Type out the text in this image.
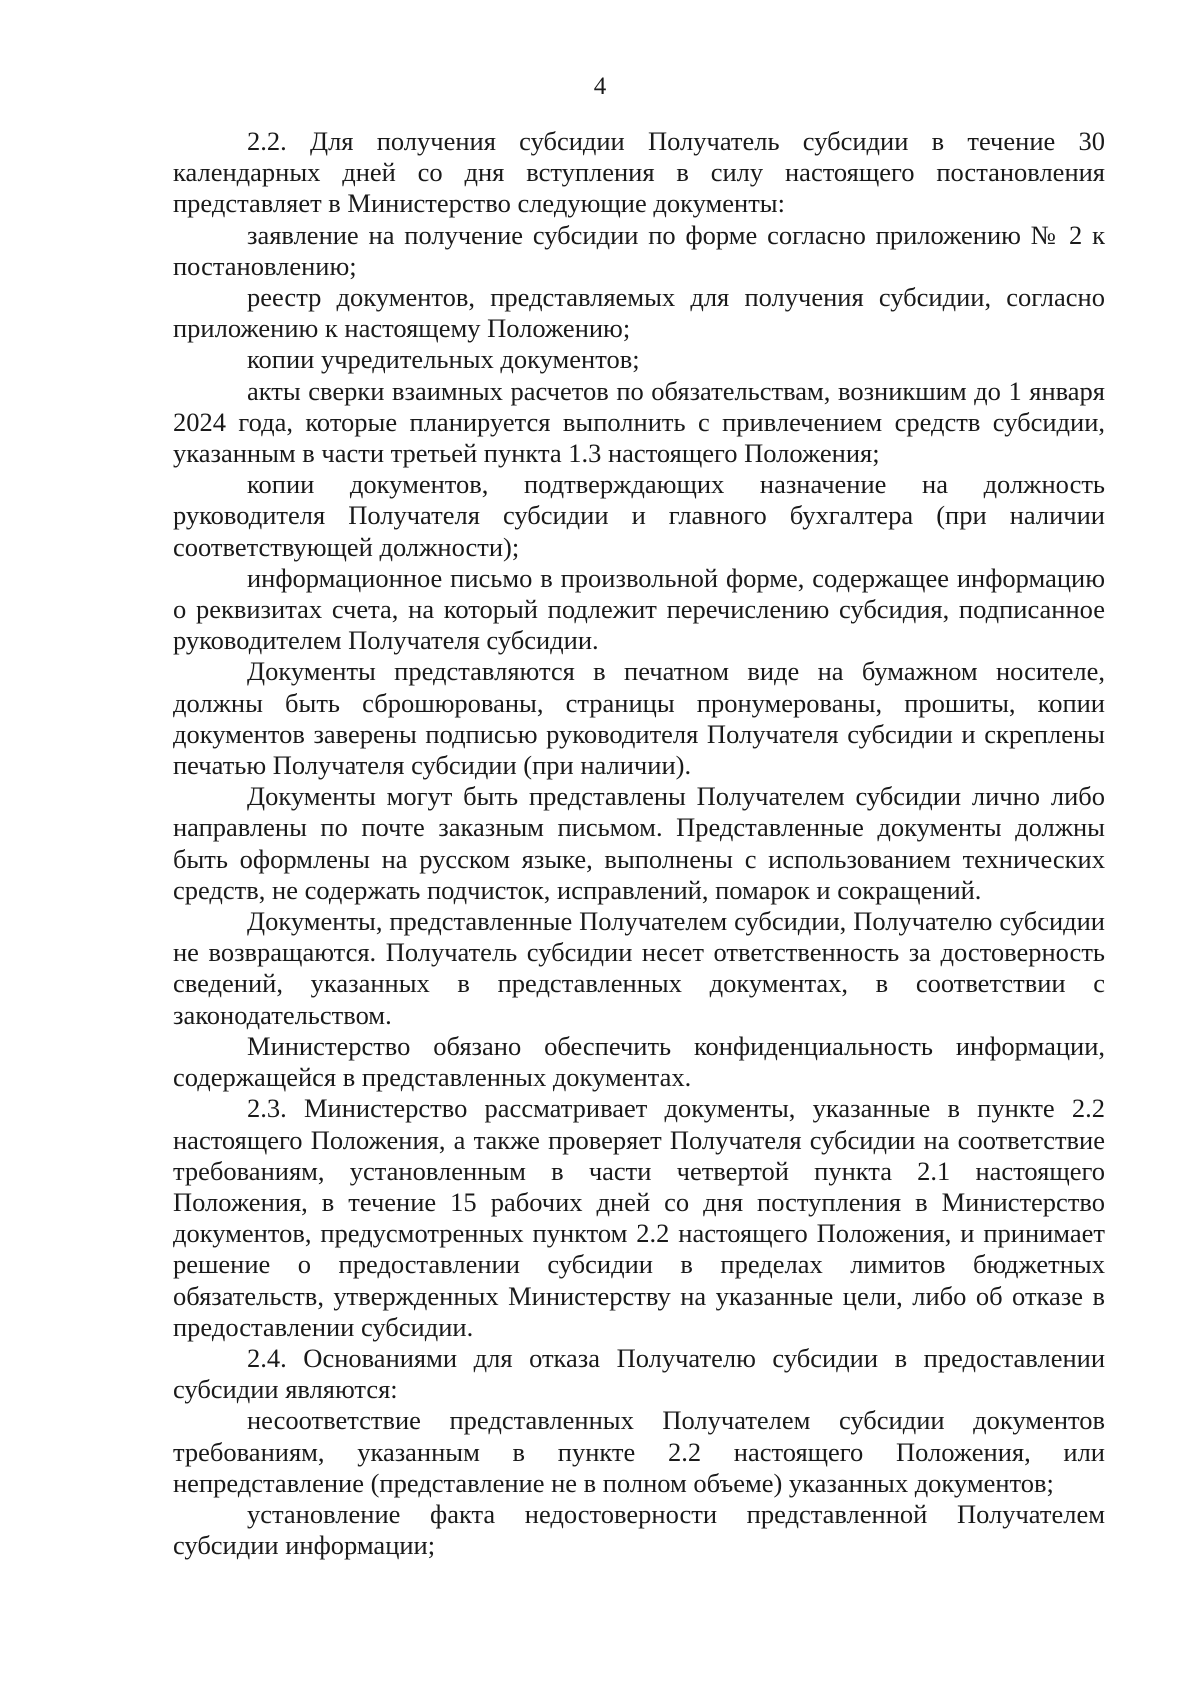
4

2.2. Для получения субсидии Получатель субсидии в течение 30 календарных дней со дня вступления в силу настоящего постановления представляет в Министерство следующие документы:

заявление на получение субсидии по форме согласно приложению № 2 к постановлению;

реестр документов, представляемых для получения субсидии, согласно приложению к настоящему Положению;

копии учредительных документов;

акты сверки взаимных расчетов по обязательствам, возникшим до 1 января 2024 года, которые планируется выполнить с привлечением средств субсидии, указанным в части третьей пункта 1.3 настоящего Положения;

копии документов, подтверждающих назначение на должность руководителя Получателя субсидии и главного бухгалтера (при наличии соответствующей должности);

информационное письмо в произвольной форме, содержащее информацию о реквизитах счета, на который подлежит перечислению субсидия, подписанное руководителем Получателя субсидии.

Документы представляются в печатном виде на бумажном носителе, должны быть сброшюрованы, страницы пронумерованы, прошиты, копии документов заверены подписью руководителя Получателя субсидии и скреплены печатью Получателя субсидии (при наличии).

Документы могут быть представлены Получателем субсидии лично либо направлены по почте заказным письмом. Представленные документы должны быть оформлены на русском языке, выполнены с использованием технических средств, не содержать подчисток, исправлений, помарок и сокращений.

Документы, представленные Получателем субсидии, Получателю субсидии не возвращаются. Получатель субсидии несет ответственность за достоверность сведений, указанных в представленных документах, в соответствии с законодательством.

Министерство обязано обеспечить конфиденциальность информации, содержащейся в представленных документах.

2.3. Министерство рассматривает документы, указанные в пункте 2.2 настоящего Положения, а также проверяет Получателя субсидии на соответствие требованиям, установленным в части четвертой пункта 2.1 настоящего Положения, в течение 15 рабочих дней со дня поступления в Министерство документов, предусмотренных пунктом 2.2 настоящего Положения, и принимает решение о предоставлении субсидии в пределах лимитов бюджетных обязательств, утвержденных Министерству на указанные цели, либо об отказе в предоставлении субсидии.

2.4. Основаниями для отказа Получателю субсидии в предоставлении субсидии являются:

несоответствие представленных Получателем субсидии документов требованиям, указанным в пункте 2.2 настоящего Положения, или непредставление (представление не в полном объеме) указанных документов;

установление факта недостоверности представленной Получателем субсидии информации;
